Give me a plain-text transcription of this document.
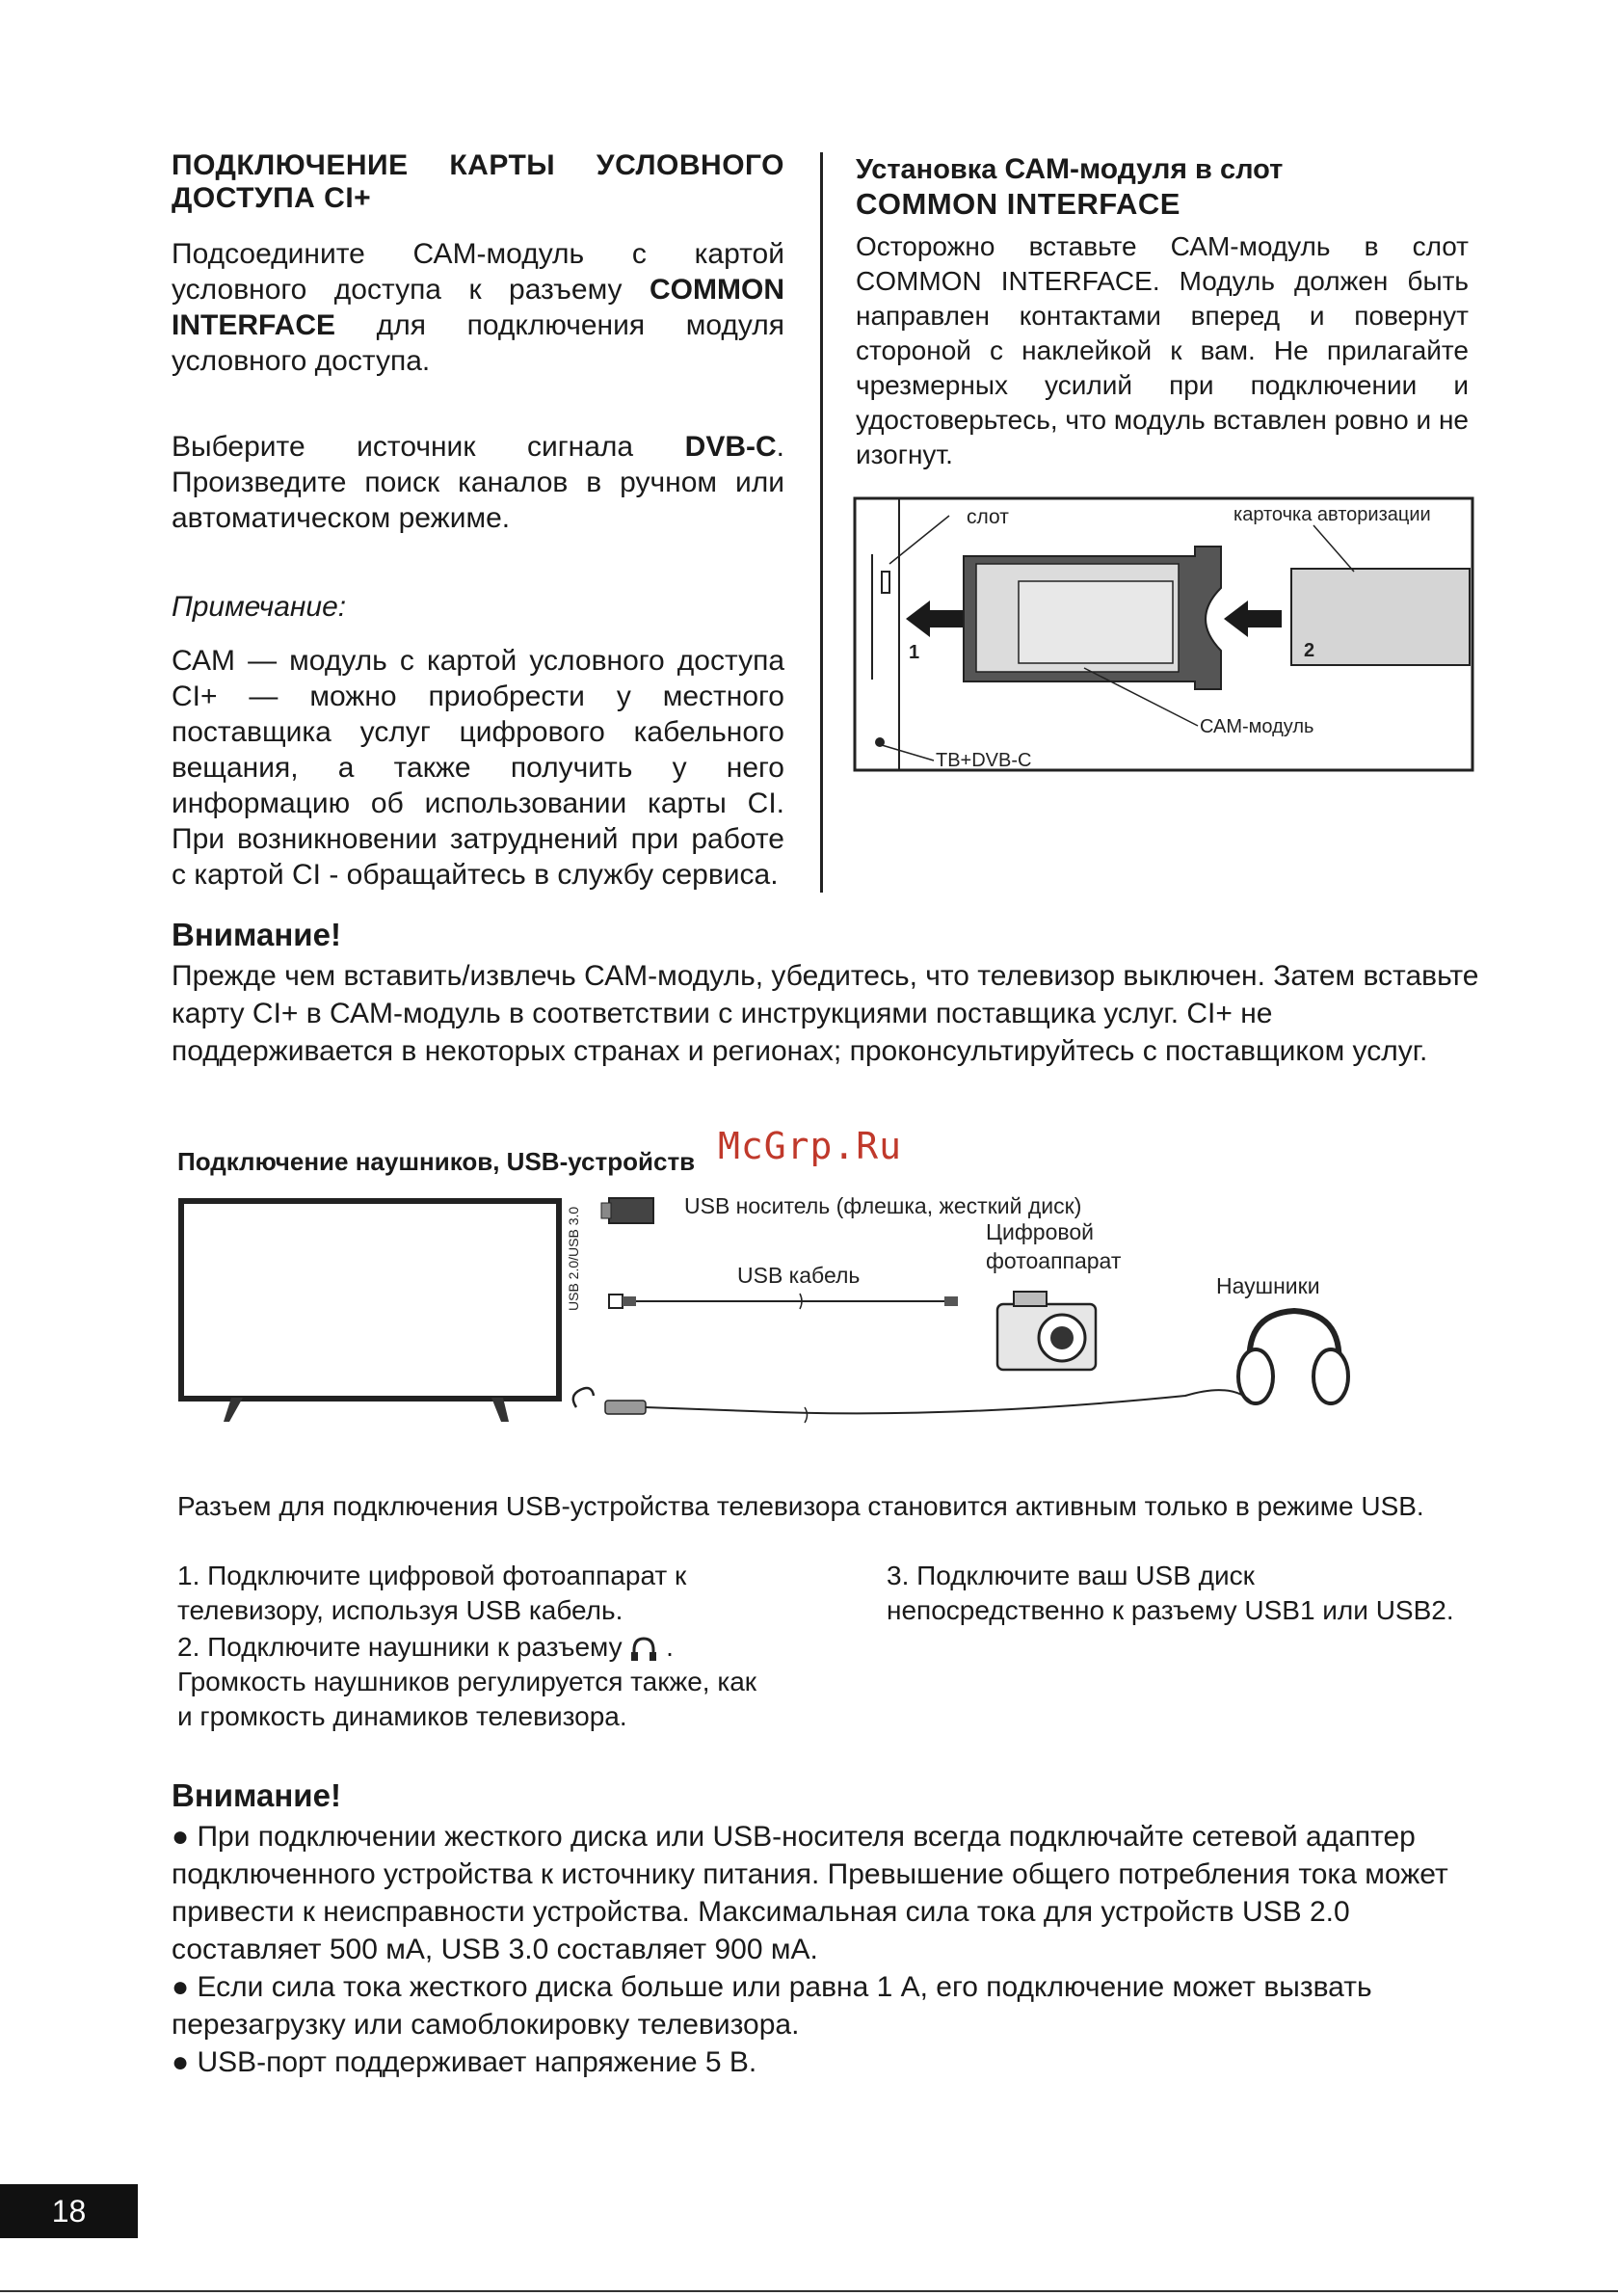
ПОДКЛЮЧЕНИЕ КАРТЫ УСЛОВНОГО ДОСТУПА CI+

Подсоедините САМ-модуль с картой условного доступа к разъему COMMON INTERFACE для подключения модуля условного доступа.

Выберите источник сигнала DVB-C. Произведите поиск каналов в ручном или автоматическом режиме.

Примечание:

САМ — модуль с картой условного доступа CI+ — можно приобрести у местного поставщика услуг цифрового кабельного вещания, а также получить у него информацию об использовании карты CI. При возникновении затруднений при работе с картой CI - обращайтесь в службу сервиса.

Установка САМ-модуля в слот
COMMON INTERFACE

Осторожно вставьте САМ-модуль в слот COMMON INTERFACE. Модуль должен быть направлен контактами вперед и повернут стороной с наклейкой к вам. Не прилагайте чрезмерных усилий при подключении и удостоверьтесь, что модуль вставлен ровно и не изогнут.

слот
ТВ+DVB-C
1
САМ-модуль
2
карточка авторизации
Внимание!

Прежде чем вставить/извлечь САМ-модуль, убедитесь, что телевизор выключен. Затем вставьте карту CI+ в САМ-модуль в соответствии с инструкциями поставщика услуг. CI+ не поддерживается в некоторых странах и регионах; проконсультируйтесь с поставщиком услуг.

Подключение наушников, USB-устройств McGrp.Ru
USB 2.0/USB 3.0
USB носитель (флешка, жесткий диск)
USB кабель
Цифровой
фотоаппарат
Наушники

Разъем для подключения USB-устройства телевизора становится активным только в режиме USB.

1. Подключите цифровой фотоаппарат к телевизору, используя USB кабель.

2. Подключите наушники к разъему .
Громкость наушников регулируется также, как и громкость динамиков телевизора.

3. Подключите ваш USB диск непосредственно к разъему USB1 или USB2.

Внимание!

● При подключении жесткого диска или USB-носителя всегда подключайте сетевой адаптер подключенного устройства к источнику питания. Превышение общего потребления тока может привести к неисправности устройства. Максимальная сила тока для устройств USB 2.0 составляет 500 мА, USB 3.0 составляет 900 мА.

● Если сила тока жесткого диска больше или равна 1 А, его подключение может вызвать перезагрузку или самоблокировку телевизора.

● USB-порт поддерживает напряжение 5 В.

18
